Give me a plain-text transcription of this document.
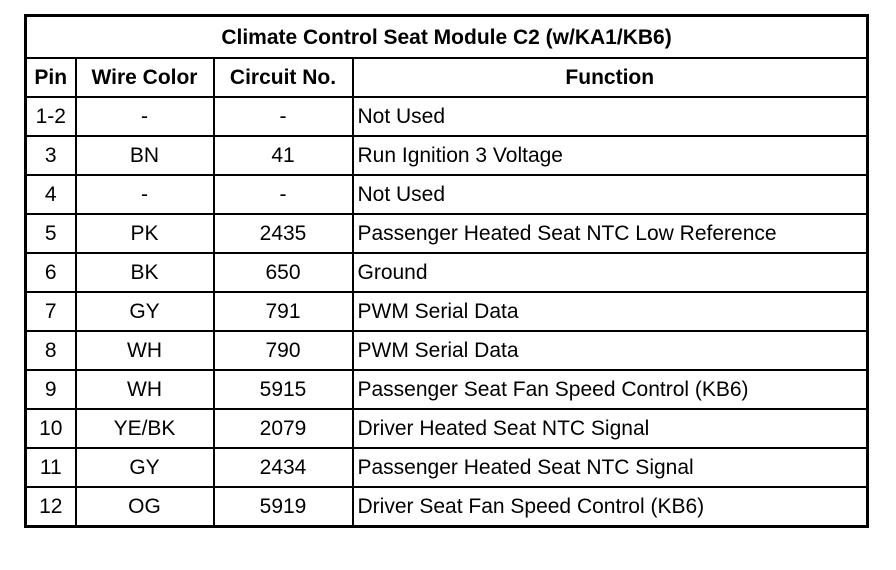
Climate Control Seat Module C2 (w/KA1/KB6)			
Pin	Wire Color	Circuit No.	Function
1-2	-	-	Not Used
3	BN	41	Run Ignition 3 Voltage
4	-	-	Not Used
5	PK	2435	Passenger Heated Seat NTC Low Reference
6	BK	650	Ground
7	GY	791	PWM Serial Data
8	WH	790	PWM Serial Data
9	WH	5915	Passenger Seat Fan Speed Control (KB6)
10	YE/BK	2079	Driver Heated Seat NTC Signal
11	GY	2434	Passenger Heated Seat NTC Signal
12	OG	5919	Driver Seat Fan Speed Control (KB6)
